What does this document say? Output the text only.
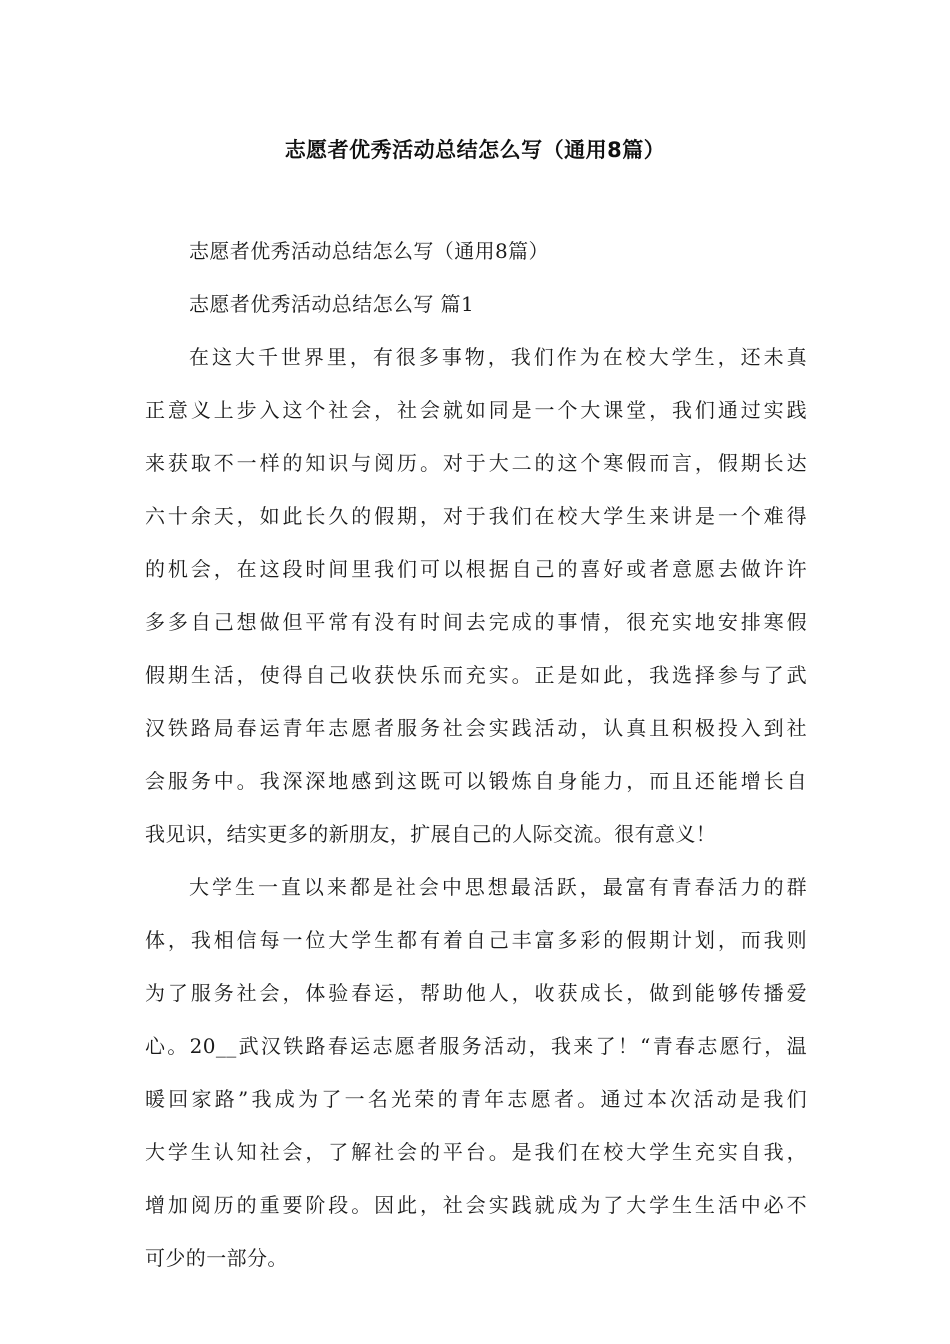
志愿者优秀活动总结怎么写（通用8篇）
志愿者优秀活动总结怎么写（通用8篇）
志愿者优秀活动总结怎么写 篇1
在这大千世界里，有很多事物，我们作为在校大学生，还未真
正意义上步入这个社会，社会就如同是一个大课堂，我们通过实践
来获取不一样的知识与阅历。对于大二的这个寒假而言，假期长达
六十余天，如此长久的假期，对于我们在校大学生来讲是一个难得
的机会，在这段时间里我们可以根据自己的喜好或者意愿去做许许
多多自己想做但平常有没有时间去完成的事情，很充实地安排寒假
假期生活，使得自己收获快乐而充实。正是如此，我选择参与了武
汉铁路局春运青年志愿者服务社会实践活动，认真且积极投入到社
会服务中。我深深地感到这既可以锻炼自身能力，而且还能增长自
我见识，结实更多的新朋友，扩展自己的人际交流。很有意义！
大学生一直以来都是社会中思想最活跃，最富有青春活力的群
体，我相信每一位大学生都有着自己丰富多彩的假期计划，而我则
为了服务社会，体验春运，帮助他人，收获成长，做到能够传播爱
心。20__武汉铁路春运志愿者服务活动，我来了！“青春志愿行，温
暖回家路”我成为了一名光荣的青年志愿者。通过本次活动是我们
大学生认知社会，了解社会的平台。是我们在校大学生充实自我，
增加阅历的重要阶段。因此，社会实践就成为了大学生生活中必不
可少的一部分。
